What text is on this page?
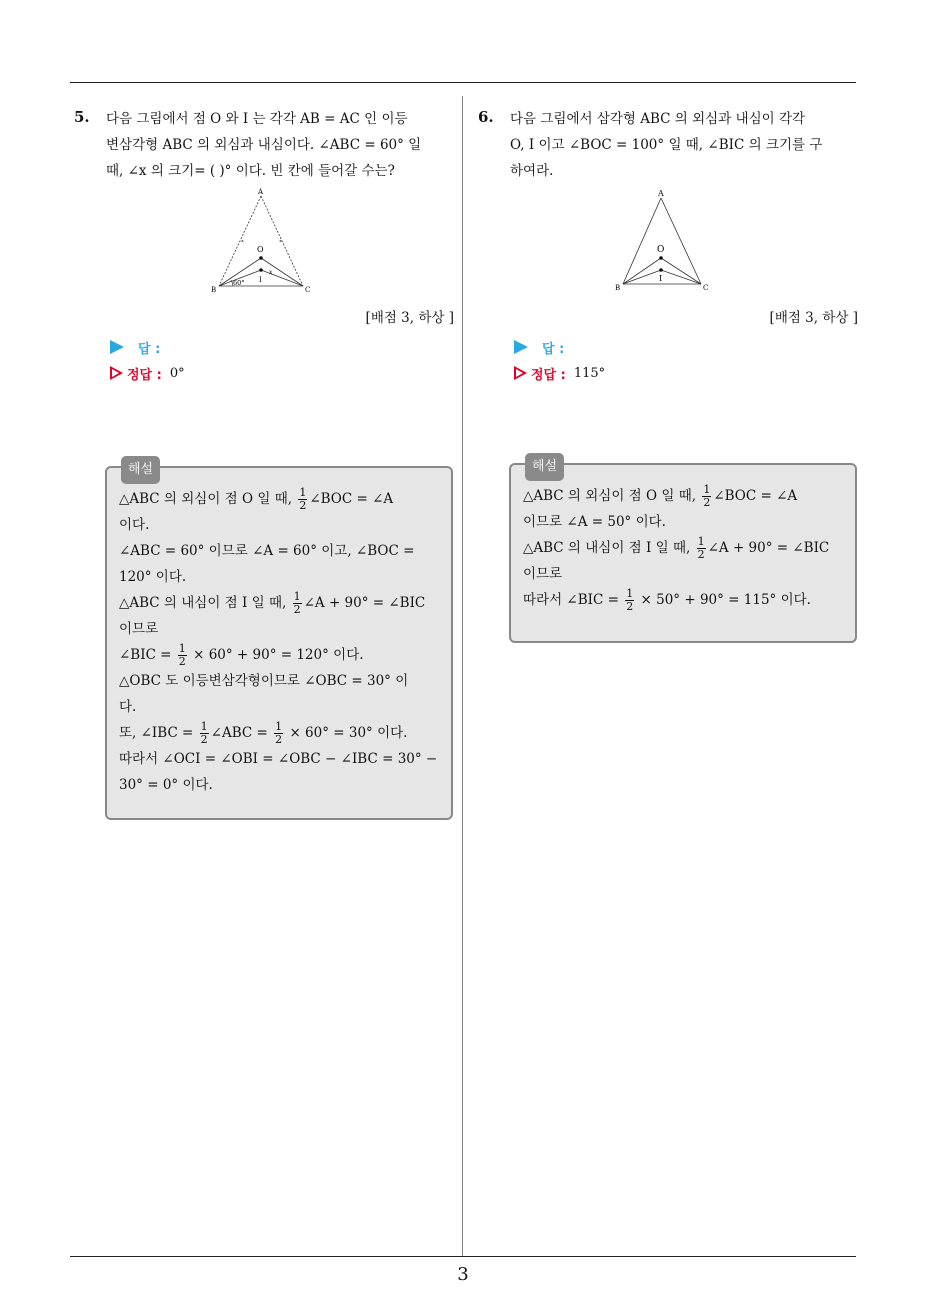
3
5.	다음 그림에서 점 O 와 I 는 각각 AB = AC 인 이등
변삼각형 ABC 의 외심과 내심이다. ∠ABC = 60° 일
때, ∠x 의 크기= ( )° 이다. 빈 칸에 들어갈 수는?
∘	∘
A
B	C
O
I
60°
x
[배점 3, 하상 ]
답 :
정답 : 0°
해설
△ABC 의 외심이 점 O 일 때, $\frac{1}{2}$ ∠BOC = ∠A
이다.
∠ABC = 60° 이므로 ∠A = 60° 이고, ∠BOC =
120° 이다.
△ABC 의 내심이 점 I 일 때, $\frac{1}{2}$ ∠A + 90° = ∠BIC
이므로
∠BIC = $\frac{1}{2} \times 60^\circ + 90^\circ = 120^\circ$ 이다.
△OBC 도 이등변삼각형이므로 ∠OBC = 30° 이
다.
또, ∠IBC = $\frac{1}{2}$ ∠ABC = $\frac{1}{2} \times 60^\circ = 30^\circ$ 이다.
따라서 ∠OCI = ∠OBI = ∠OBC − ∠IBC = 30° −
30° = 0° 이다.
6.	다음 그림에서 삼각형 ABC 의 외심과 내심이 각각
O, I 이고 ∠BOC = 100° 일 때, ∠BIC 의 크기를 구
하여라.
A
B	C
O
I
[배점 3, 하상 ]
답 :
정답 : 115°
해설
△ABC 의 외심이 점 O 일 때, $\frac{1}{2}$ ∠BOC = ∠A
이므로 ∠A = 50° 이다.
△ABC 의 내심이 점 I 일 때, $\frac{1}{2}$ ∠A + 90° = ∠BIC
이므로
따라서 ∠BIC = $\frac{1}{2} \times 50^\circ + 90^\circ = 115^\circ$ 이다.
